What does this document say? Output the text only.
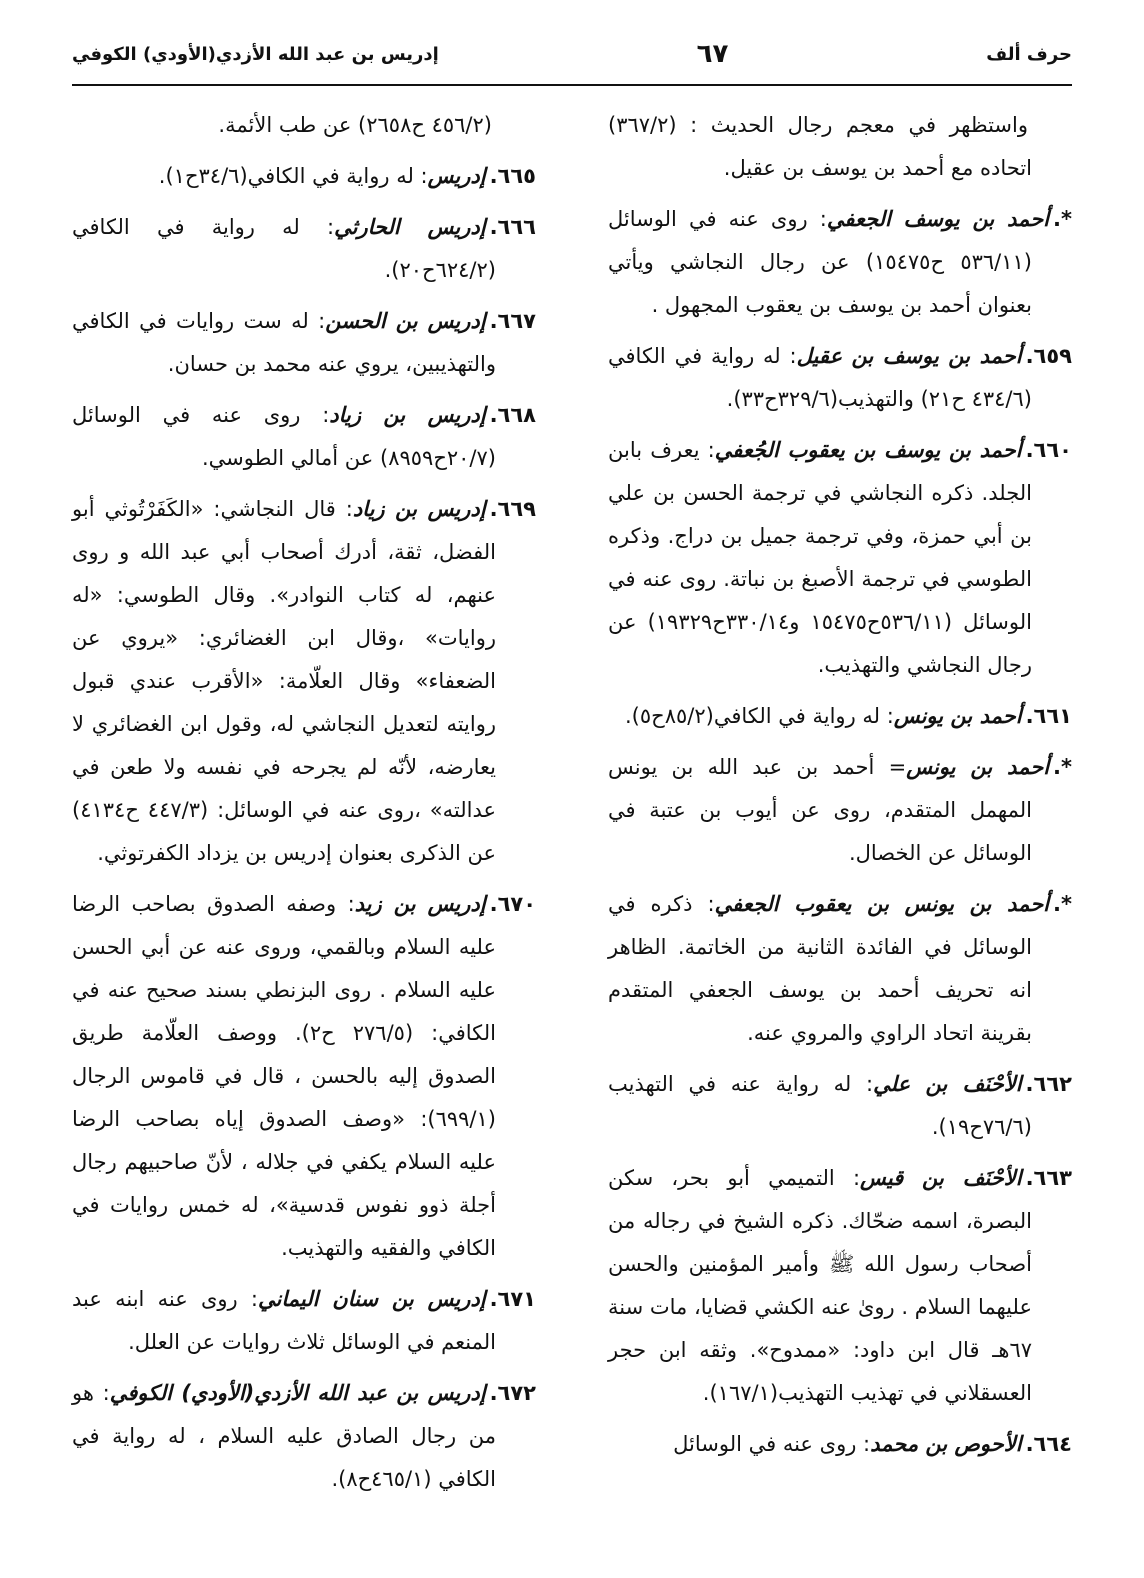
حرف ألف
٦٧
إدريس بن عبد الله الأزدي(الأودي) الكوفي

واستظهر في معجم رجال الحديث : (٣٦٧/٢) اتحاده مع أحمد بن يوسف بن عقيل.

*.أحمد بن يوسف الجعفي: روى عنه في الوسائل (٥٣٦/١١ ح١٥٤٧٥) عن رجال النجاشي ويأتي بعنوان أحمد بن يوسف بن يعقوب المجهول .

٦٥٩.أحمد بن يوسف بن عقيل: له رواية في الكافي (٤٣٤/٦ ح٢١) والتهذيب(٣٢٩/٦ح٣٣).

٦٦٠.أحمد بن يوسف بن يعقوب الجُعفي: يعرف بابن الجلد. ذكره النجاشي في ترجمة الحسن بن علي بن أبي حمزة، وفي ترجمة جميل بن دراج. وذكره الطوسي في ترجمة الأصبغ بن نباتة. روى عنه في الوسائل (٥٣٦/١١ح١٥٤٧٥ و٣٣٠/١٤ح١٩٣٢٩) عن رجال النجاشي والتهذيب.

٦٦١.أحمد بن يونس: له رواية في الكافي(٨٥/٢ح٥).

*.أحمد بن يونس= أحمد بن عبد الله بن يونس المهمل المتقدم، روى عن أيوب بن عتبة في الوسائل عن الخصال.

*.أحمد بن يونس بن يعقوب الجعفي: ذكره في الوسائل في الفائدة الثانية من الخاتمة. الظاهر انه تحريف أحمد بن يوسف الجعفي المتقدم بقرينة اتحاد الراوي والمروي عنه.

٦٦٢.الأحْنَف بن علي: له رواية عنه في التهذيب (٧٦/٦ح١٩).

٦٦٣.الأحْنَف بن قيس: التميمي أبو بحر، سكن البصرة، اسمه ضحّاك. ذكره الشيخ في رجاله من أصحاب رسول الله ﷺ وأمير المؤمنين والحسن عليهما السلام . روىٰ عنه الكشي قضايا، مات سنة ٦٧هـ قال ابن داود: «ممدوح». وثقه ابن حجر العسقلاني في تهذيب التهذيب(١٦٧/١).

٦٦٤.الأحوص بن محمد: روى عنه في الوسائل

(٤٥٦/٢ ح٢٦٥٨) عن طب الأئمة.

٦٦٥.إدريس: له رواية في الكافي(٣٤/٦ح١).

٦٦٦.إدريس الحارثي: له رواية في الكافي (٦٢٤/٢ح٢٠).

٦٦٧.إدريس بن الحسن: له ست روايات في الكافي والتهذيبين، يروي عنه محمد بن حسان.

٦٦٨.إدريس بن زياد: روى عنه في الوسائل (٢٠/٧ح٨٩٥٩) عن أمالي الطوسي.

٦٦٩.إدريس بن زياد: قال النجاشي: «الكَفَرْتُوثي أبو الفضل، ثقة، أدرك أصحاب أبي عبد الله و روى عنهم، له كتاب النوادر». وقال الطوسي: «له روايات» ،وقال ابن الغضائري: «يروي عن الضعفاء» وقال العلّامة: «الأقرب عندي قبول روايته لتعديل النجاشي له، وقول ابن الغضائري لا يعارضه، لأنّه لم يجرحه في نفسه ولا طعن في عدالته» ،روى عنه في الوسائل: (٤٤٧/٣ ح٤١٣٤) عن الذكرى بعنوان إدريس بن يزداد الكفرتوثي.

٦٧٠.إدريس بن زيد: وصفه الصدوق بصاحب الرضا عليه السلام وبالقمي، وروى عنه عن أبي الحسن عليه السلام . روى البزنطي بسند صحيح عنه في الكافي: (٢٧٦/٥ ح٢). ووصف العلّامة طريق الصدوق إليه بالحسن ، قال في قاموس الرجال (٦٩٩/١): «وصف الصدوق إياه بصاحب الرضا عليه السلام يكفي في جلاله ، لأنّ صاحبيهم رجال أجلة ذوو نفوس قدسية»، له خمس روايات في الكافي والفقيه والتهذيب.

٦٧١.إدريس بن سنان اليماني: روى عنه ابنه عبد المنعم في الوسائل ثلاث روايات عن العلل.

٦٧٢.إدريس بن عبد الله الأزدي(الأودي) الكوفي: هو من رجال الصادق عليه السلام ، له رواية في الكافي (٤٦٥/١ح٨).
